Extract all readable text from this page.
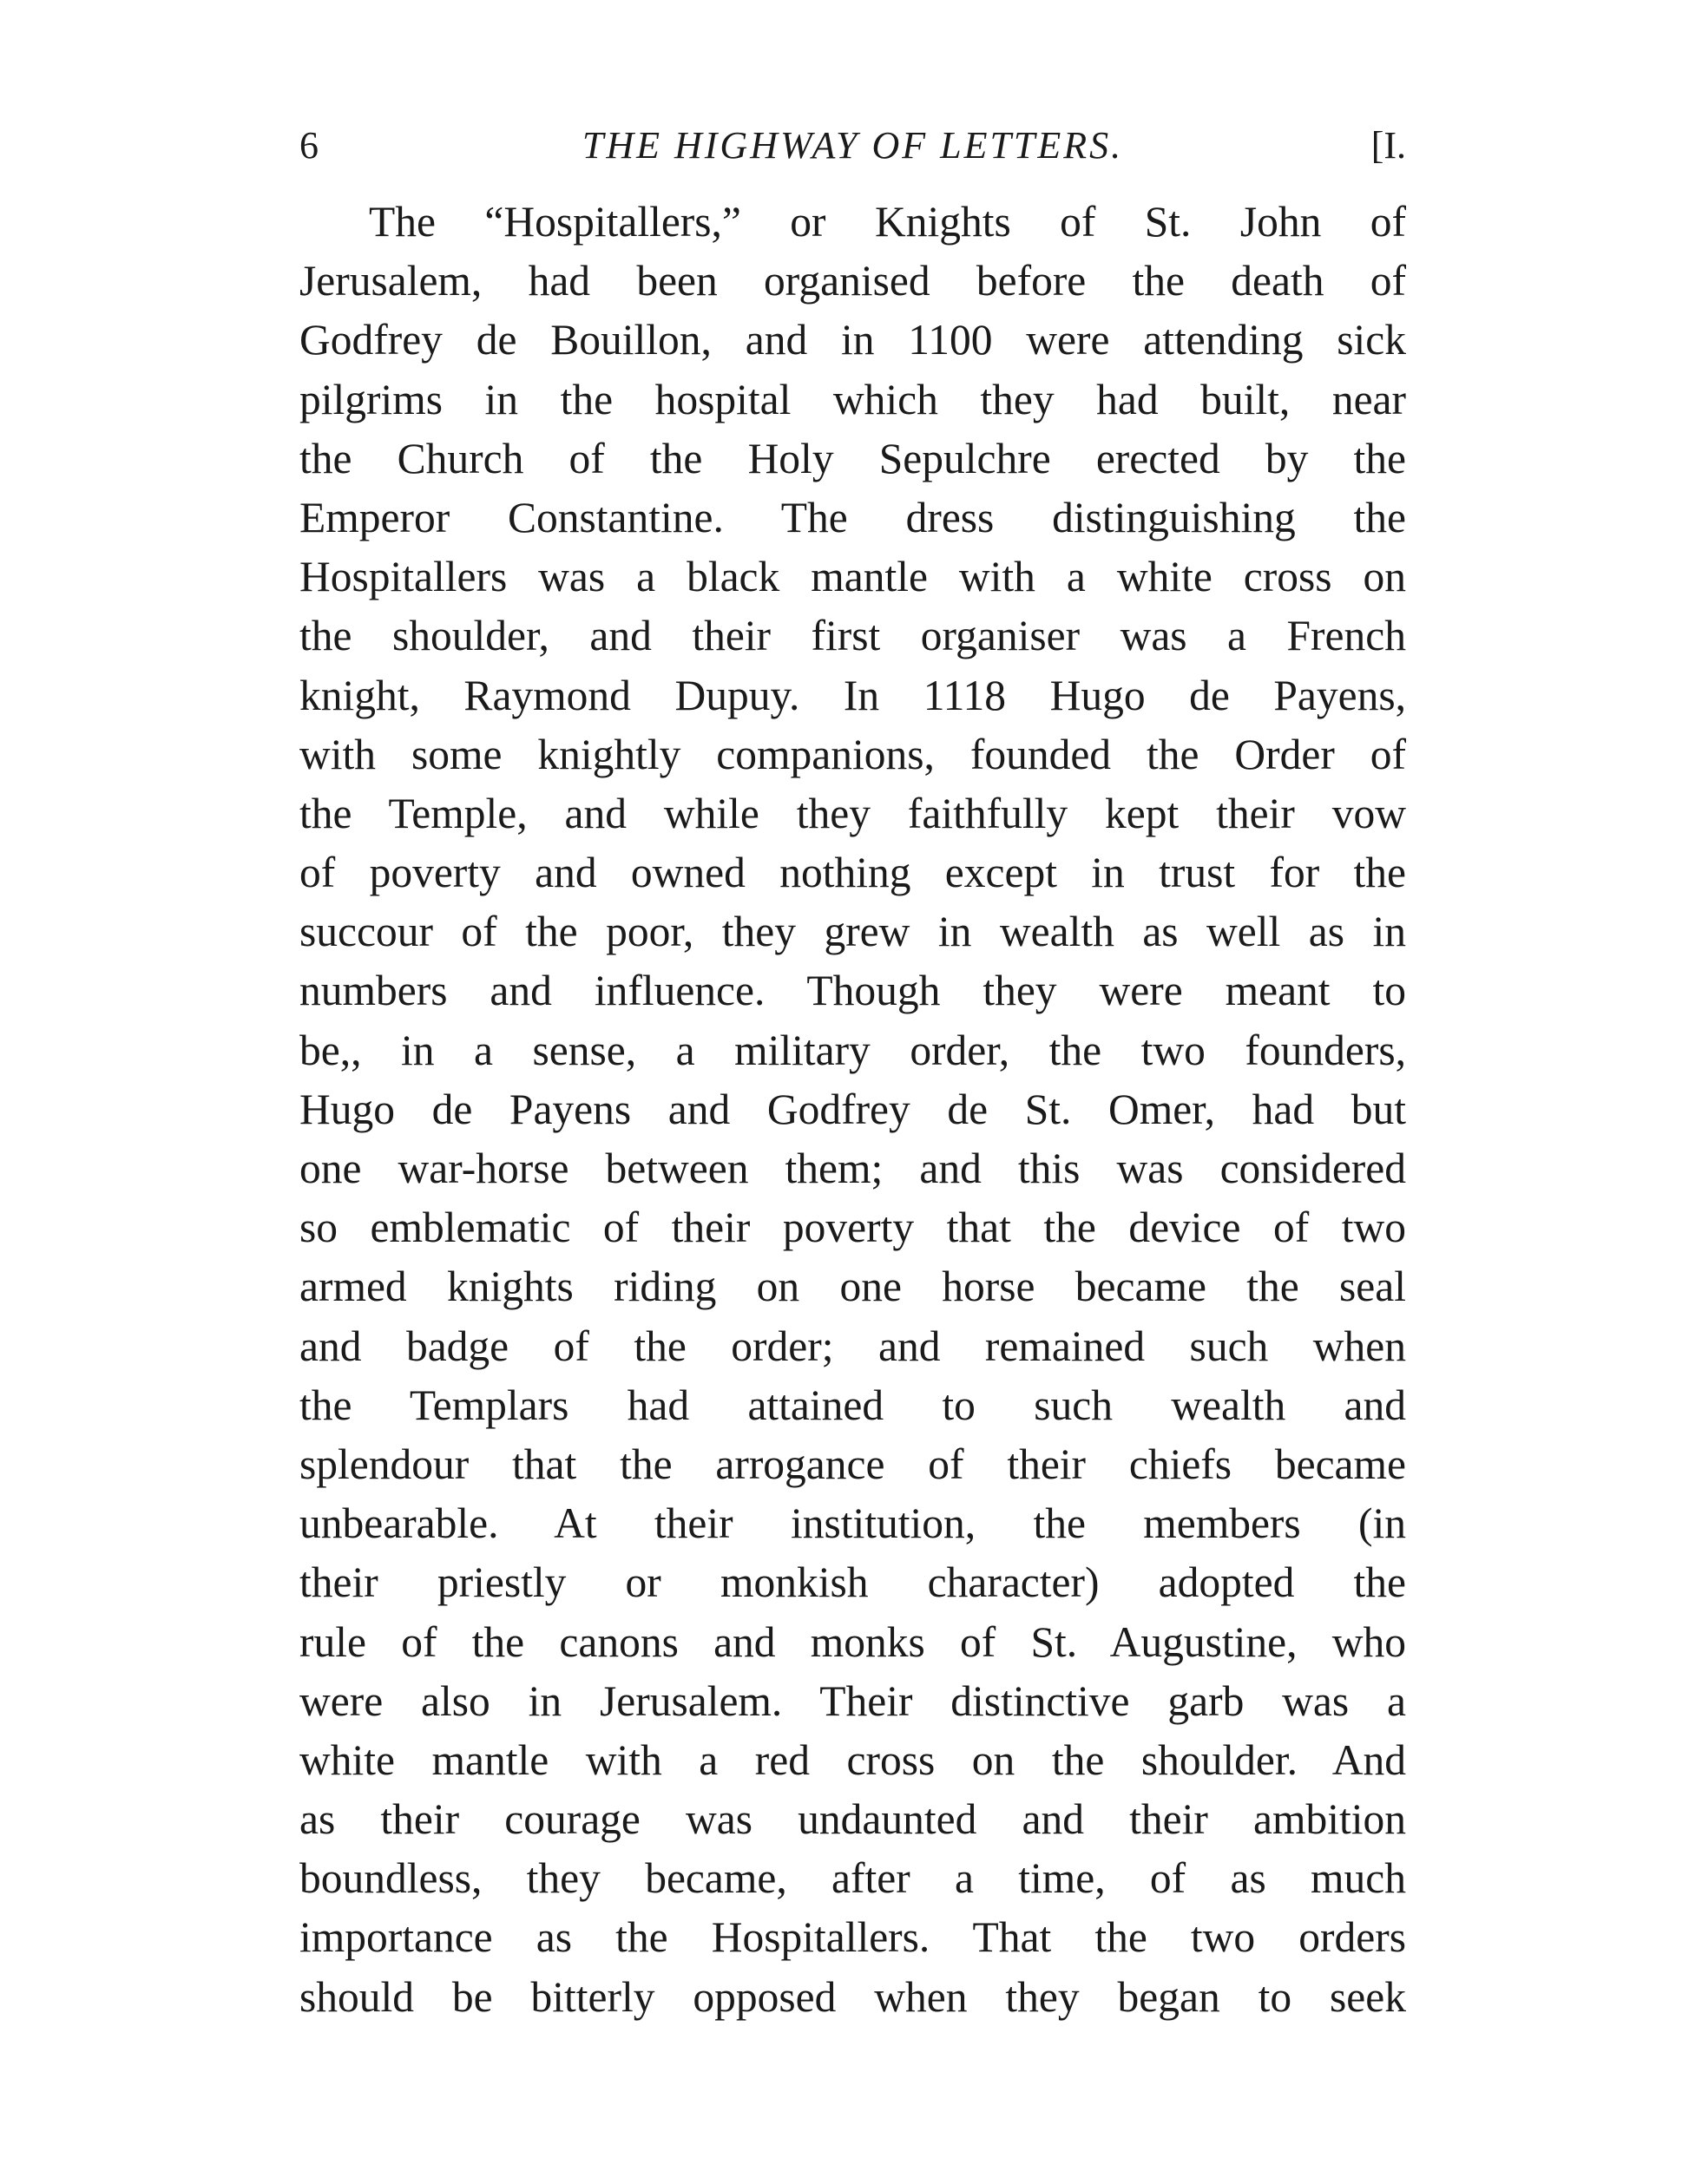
6	THE HIGHWAY OF LETTERS.	[I.
The “Hospitallers,” or Knights of St. John of
Jerusalem, had been organised before the death of
Godfrey de Bouillon, and in 1100 were attending sick
pilgrims in the hospital which they had built, near
the Church of the Holy Sepulchre erected by the
Emperor Constantine. The dress distinguishing the
Hospitallers was a black mantle with a white cross on
the shoulder, and their first organiser was a French
knight, Raymond Dupuy. In 1118 Hugo de Payens,
with some knightly companions, founded the Order of
the Temple, and while they faithfully kept their vow
of poverty and owned nothing except in trust for the
succour of the poor, they grew in wealth as well as in
numbers and influence. Though they were meant to
be,, in a sense, a military order, the two founders,
Hugo de Payens and Godfrey de St. Omer, had but
one war-horse between them; and this was considered
so emblematic of their poverty that the device of two
armed knights riding on one horse became the seal
and badge of the order; and remained such when
the Templars had attained to such wealth and
splendour that the arrogance of their chiefs became
unbearable. At their institution, the members (in
their priestly or monkish character) adopted the
rule of the canons and monks of St. Augustine, who
were also in Jerusalem. Their distinctive garb was a
white mantle with a red cross on the shoulder. And
as their courage was undaunted and their ambition
boundless, they became, after a time, of as much
importance as the Hospitallers. That the two orders
should be bitterly opposed when they began to seek
